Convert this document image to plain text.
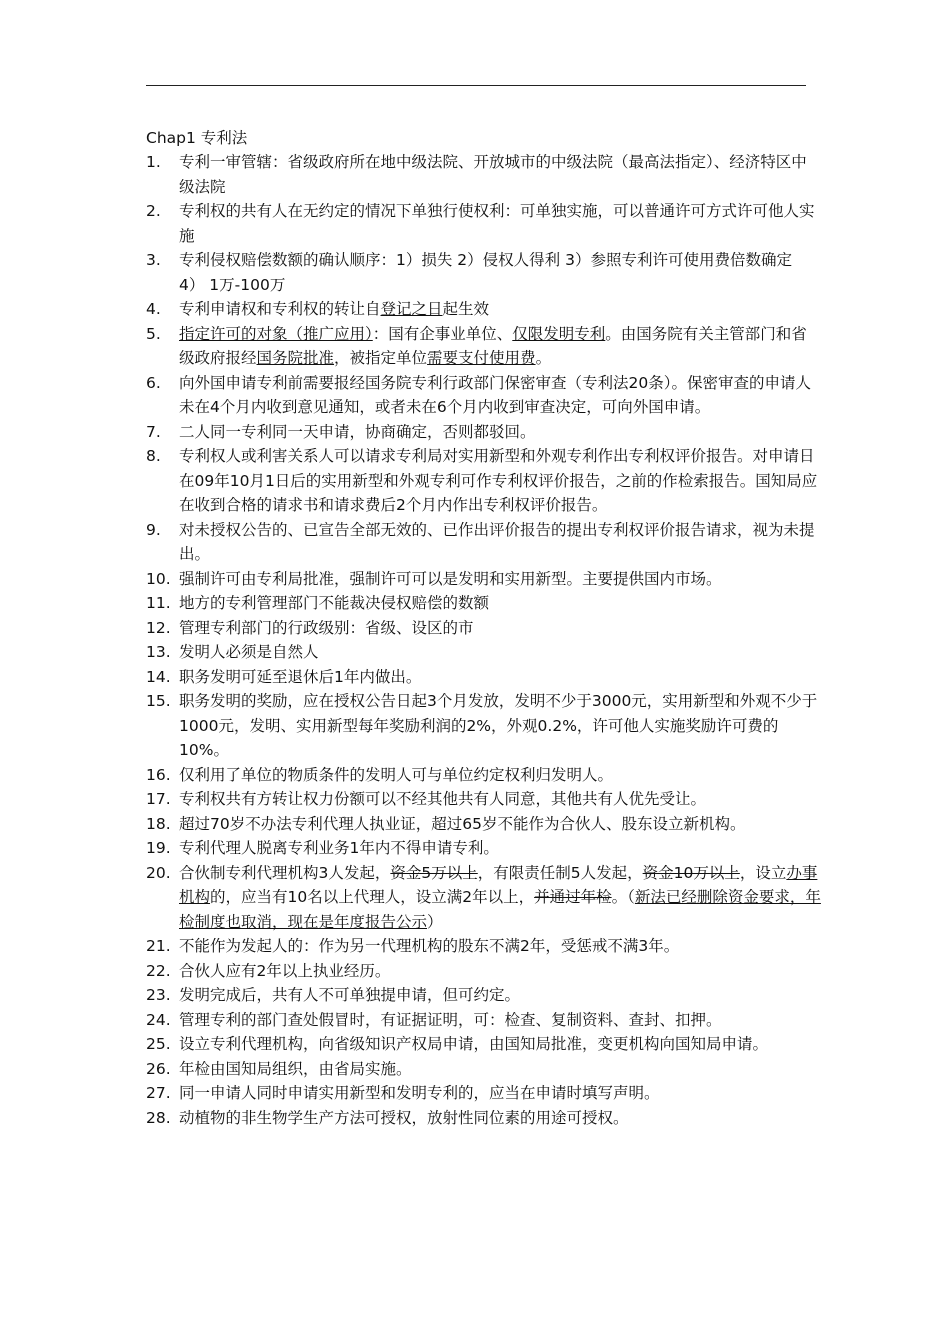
Chap1 专利法
1.	专利一审管辖：省级政府所在地中级法院、开放城市的中级法院（最高法指定）、经济特区中级法院
2.	专利权的共有人在无约定的情况下单独行使权利：可单独实施，可以普通许可方式许可他人实施
3.	专利侵权赔偿数额的确认顺序：1）损失 2）侵权人得利 3）参照专利许可使用费倍数确定 4） 1万-100万
4.	专利申请权和专利权的转让自登记之日起生效
5.	指定许可的对象（推广应用）：国有企事业单位、仅限发明专利。由国务院有关主管部门和省级政府报经国务院批准，被指定单位需要支付使用费。
6.	向外国申请专利前需要报经国务院专利行政部门保密审查（专利法20条）。保密审查的申请人未在4个月内收到意见通知，或者未在6个月内收到审查决定，可向外国申请。
7.	二人同一专利同一天申请，协商确定，否则都驳回。
8.	专利权人或利害关系人可以请求专利局对实用新型和外观专利作出专利权评价报告。对申请日在09年10月1日后的实用新型和外观专利可作专利权评价报告，之前的作检索报告。国知局应在收到合格的请求书和请求费后2个月内作出专利权评价报告。
9.	对未授权公告的、已宣告全部无效的、已作出评价报告的提出专利权评价报告请求，视为未提出。
10. 强制许可由专利局批准，强制许可可以是发明和实用新型。主要提供国内市场。
11. 地方的专利管理部门不能裁决侵权赔偿的数额
12. 管理专利部门的行政级别：省级、设区的市
13. 发明人必须是自然人
14. 职务发明可延至退休后1年内做出。
15. 职务发明的奖励，应在授权公告日起3个月发放，发明不少于3000元，实用新型和外观不少于1000元，发明、实用新型每年奖励利润的2%，外观0.2%，许可他人实施奖励许可费的10%。
16. 仅利用了单位的物质条件的发明人可与单位约定权利归发明人。
17. 专利权共有方转让权力份额可以不经其他共有人同意，其他共有人优先受让。
18. 超过70岁不办法专利代理人执业证，超过65岁不能作为合伙人、股东设立新机构。
19. 专利代理人脱离专利业务1年内不得申请专利。
20. 合伙制专利代理机构3人发起，资金5万以上，有限责任制5人发起，资金10万以上，设立办事机构的，应当有10名以上代理人，设立满2年以上，并通过年检。（新法已经删除资金要求，年检制度也取消，现在是年度报告公示）
21. 不能作为发起人的：作为另一代理机构的股东不满2年，受惩戒不满3年。
22. 合伙人应有2年以上执业经历。
23. 发明完成后，共有人不可单独提申请，但可约定。
24. 管理专利的部门查处假冒时，有证据证明，可：检查、复制资料、查封、扣押。
25. 设立专利代理机构，向省级知识产权局申请，由国知局批准，变更机构向国知局申请。
26. 年检由国知局组织，由省局实施。
27. 同一申请人同时申请实用新型和发明专利的，应当在申请时填写声明。
28. 动植物的非生物学生产方法可授权，放射性同位素的用途可授权。
